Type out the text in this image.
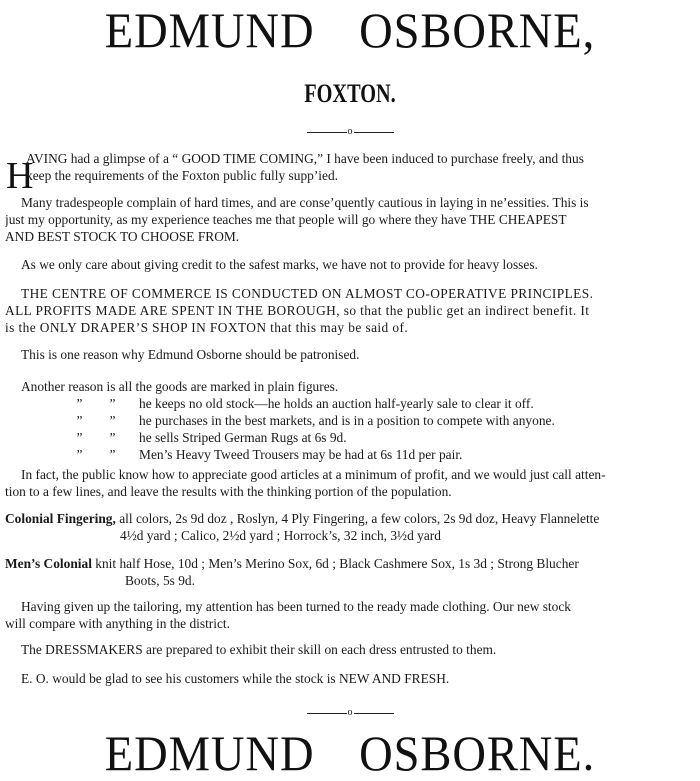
EDMUND OSBORNE,
FOXTON.
o
H
AVING had a glimpse of a “ GOOD TIME COMING,” I have been induced to purchase freely, and thus
keep the requirements of the Foxton public fully supp’ied.
Many tradespeople complain of hard times, and are conse’quently cautious in laying in ne’essities. This is
just my opportunity, as my experience teaches me that people will go where they have THE CHEAPEST
AND BEST STOCK TO CHOOSE FROM.
As we only care about giving credit to the safest marks, we have not to provide for heavy losses.
THE CENTRE OF COMMERCE IS CONDUCTED ON ALMOST CO-OPERATIVE PRINCIPLES.
ALL PROFITS MADE ARE SPENT IN THE BOROUGH, so that the public get an indirect benefit. It
is the ONLY DRAPER’S SHOP IN FOXTON that this may be said of.
This is one reason why Edmund Osborne should be patronised.
Another reason is all the goods are marked in plain figures.
” ” he keeps no old stock—he holds an auction half-yearly sale to clear it off.
” ” he purchases in the best markets, and is in a position to compete with anyone.
” ” he sells Striped German Rugs at 6s 9d.
” ” Men’s Heavy Tweed Trousers may be had at 6s 11d per pair.
In fact, the public know how to appreciate good articles at a minimum of profit, and we would just call atten-
tion to a few lines, and leave the results with the thinking portion of the population.
Colonial Fingering, all colors, 2s 9d doz , Roslyn, 4 Ply Fingering, a few colors, 2s 9d doz, Heavy Flannelette
4½d yard ; Calico, 2½d yard ; Horrock’s, 32 inch, 3½d yard
Men’s Colonial knit half Hose, 10d ; Men’s Merino Sox, 6d ; Black Cashmere Sox, 1s 3d ; Strong Blucher
Boots, 5s 9d.
Having given up the tailoring, my attention has been turned to the ready made clothing. Our new stock
will compare with anything in the district.
The DRESSMAKERS are prepared to exhibit their skill on each dress entrusted to them.
E. O. would be glad to see his customers while the stock is NEW AND FRESH.
o
EDMUND OSBORNE.
